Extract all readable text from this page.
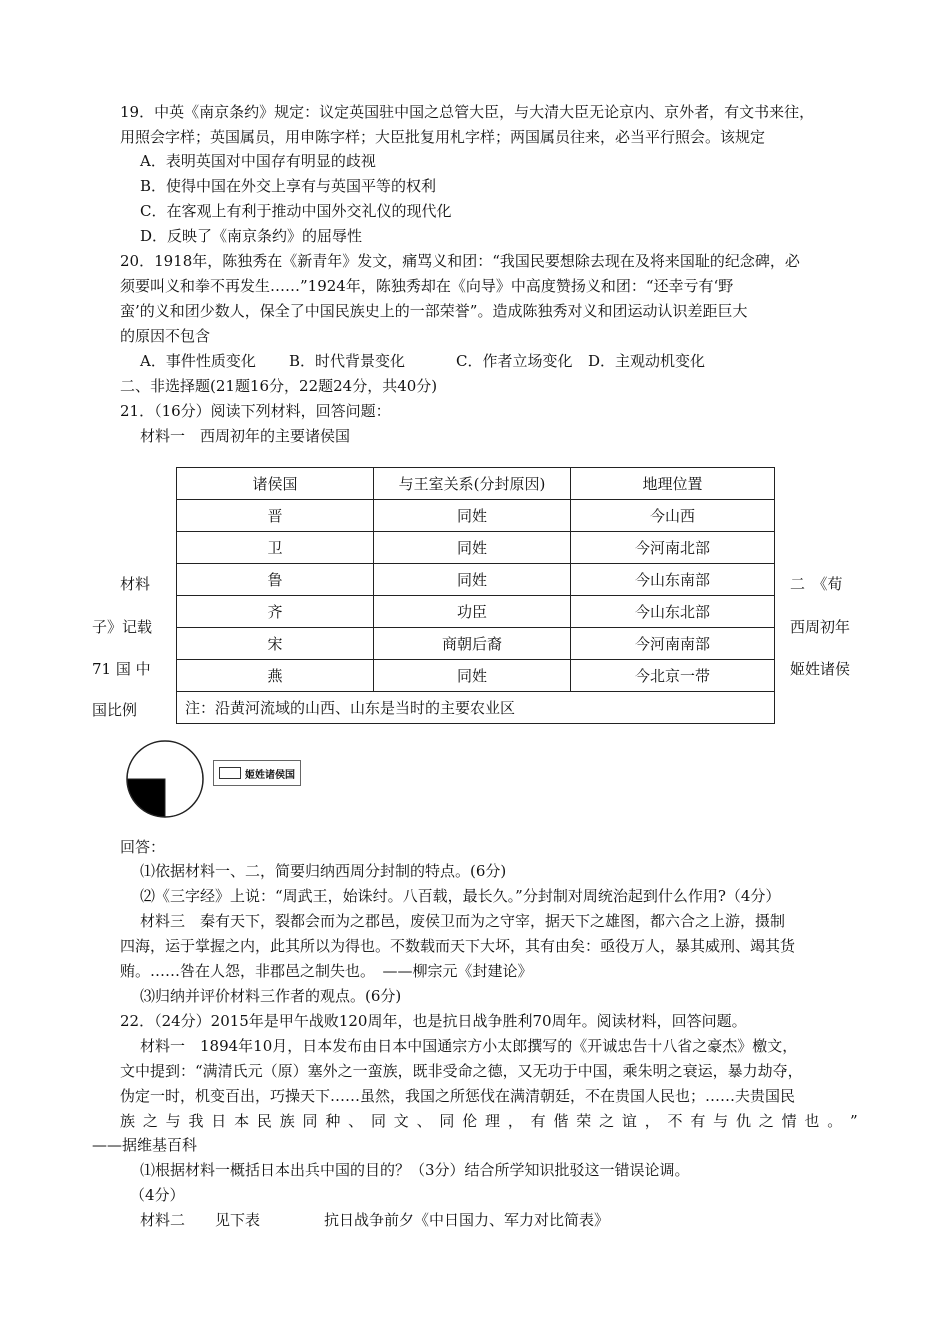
19．中英《南京条约》规定：议定英国驻中国之总管大臣，与大清大臣无论京内、京外者，有文书来往，
用照会字样；英国属员，用申陈字样；大臣批复用札字样；两国属员往来，必当平行照会。该规定
A．表明英国对中国存有明显的歧视
B．使得中国在外交上享有与英国平等的权利
C．在客观上有利于推动中国外交礼仪的现代化
D．反映了《南京条约》的屈辱性
20．1918年，陈独秀在《新青年》发文，痛骂义和团：“我国民要想除去现在及将来国耻的纪念碑，必
须要叫义和拳不再发生……”1924年，陈独秀却在《向导》中高度赞扬义和团：“还幸亏有‘野
蛮’的义和团少数人，保全了中国民族史上的一部荣誉”。造成陈独秀对义和团运动认识差距巨大
的原因不包含
A．事件性质变化 B．时代背景变化	C．作者立场变化 D．主观动机变化
二、非选择题(21题16分，22题24分，共40分)
21．（16分）阅读下列材料，回答问题：
材料一　西周初年的主要诸侯国
诸侯国	与王室关系(分封原因)	地理位置
晋	同姓	今山西
卫	同姓	今河南北部
鲁	同姓	今山东南部
齐	功臣	今山东北部
宋	商朝后裔	今河南南部
燕	同姓	今北京一带
注：沿黄河流域的山西、山东是当时的主要农业区		
材料
子》记载
71 国 中
国比例
二　《荀
西周初年
姬姓诸侯
姬姓诸侯国
回答：
⑴依据材料一、二，简要归纳西周分封制的特点。(6分)
⑵《三字经》上说：“周武王，始诛纣。八百载，最长久。”分封制对周统治起到什么作用?（4分）
材料三　秦有天下，裂都会而为之郡邑，废侯卫而为之守宰，据天下之雄图，都六合之上游，摄制
四海，运于掌握之内，此其所以为得也。不数载而天下大坏，其有由矣：亟役万人，暴其威刑、竭其货
贿。……咎在人怨，非郡邑之制失也。　——柳宗元《封建论》
⑶归纳并评价材料三作者的观点。(6分)
22．（24分）2015年是甲午战败120周年，也是抗日战争胜利70周年。阅读材料，回答问题。
材料一　1894年10月，日本发布由日本中国通宗方小太郎撰写的《开诚忠告十八省之豪杰》檄文，
文中提到：“满清氏元（原）塞外之一蛮族，既非受命之德，又无功于中国，乘朱明之衰运，暴力劫夺，
伪定一时，机变百出，巧操天下……虽然，我国之所惩伐在满清朝廷，不在贵国人民也；……夫贵国民
族 之 与 我 日 本 民 族 同 种 、 同 文 、 同 伦 理 ， 有 偕 荣 之 谊 ， 不 有 与 仇 之 情 也 。 ”
——据维基百科
⑴根据材料一概括日本出兵中国的目的？（3分）结合所学知识批驳这一错误论调。
（4分）
材料二　　见下表	抗日战争前夕《中日国力、军力对比简表》
